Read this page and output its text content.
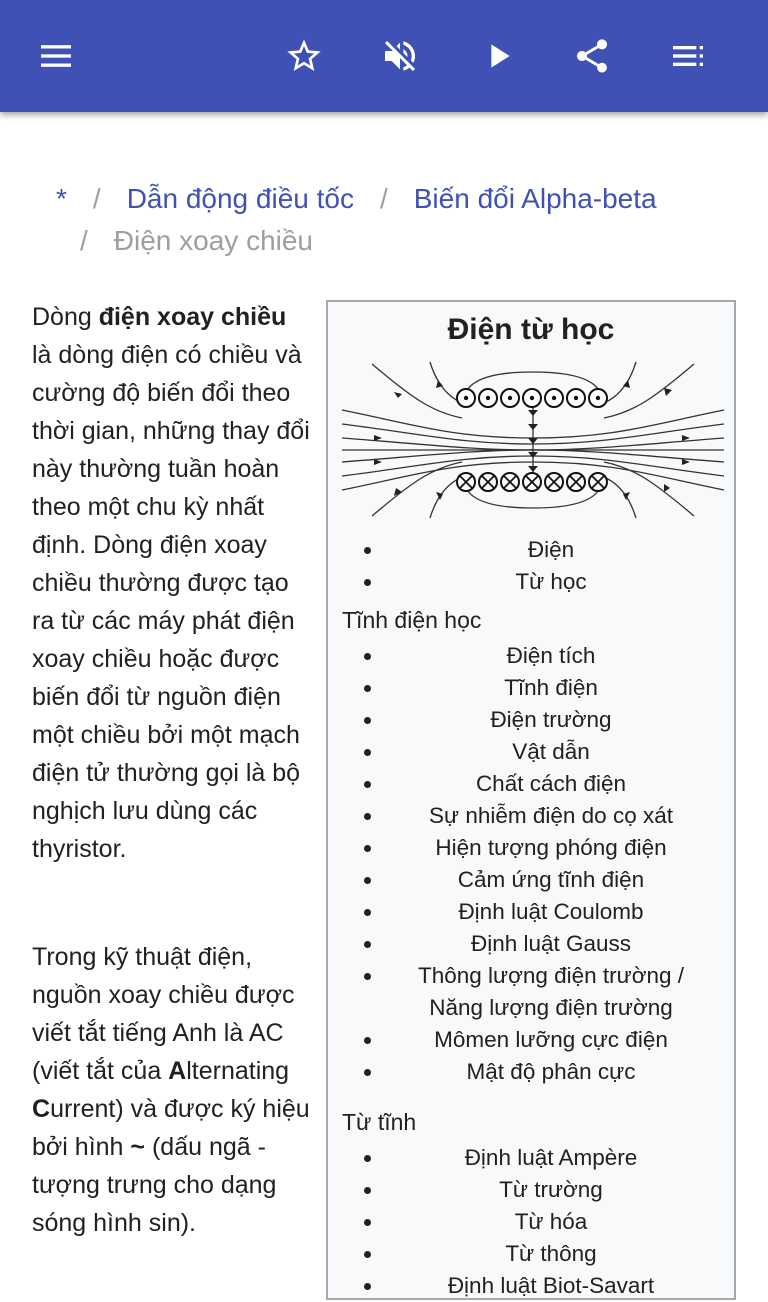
* / Dẫn động điều tốc / Biến đổi Alpha-beta
/ Điện xoay chiều
Dòng điện xoay chiều là dòng điện có chiều và cường độ biến đổi theo thời gian, những thay đổi này thường tuần hoàn theo một chu kỳ nhất định. Dòng điện xoay chiều thường được tạo ra từ các máy phát điện xoay chiều hoặc được biến đổi từ nguồn điện một chiều bởi một mạch điện tử thường gọi là bộ nghịch lưu dùng các thyristor.
Trong kỹ thuật điện, nguồn xoay chiều được viết tắt tiếng Anh là AC (viết tắt của Alternating Current) và được ký hiệu bởi hình ~ (dấu ngã - tượng trưng cho dạng sóng hình sin).
Điện từ học
Điện
Từ học
Tĩnh điện học
Điện tích
Tĩnh điện
Điện trường
Vật dẫn
Chất cách điện
Sự nhiễm điện do cọ xát
Hiện tượng phóng điện
Cảm ứng tĩnh điện
Định luật Coulomb
Định luật Gauss
Thông lượng điện trường / Năng lượng điện trường
Mômen lưỡng cực điện
Mật độ phân cực
Từ tĩnh
Định luật Ampère
Từ trường
Từ hóa
Từ thông
Định luật Biot-Savart
